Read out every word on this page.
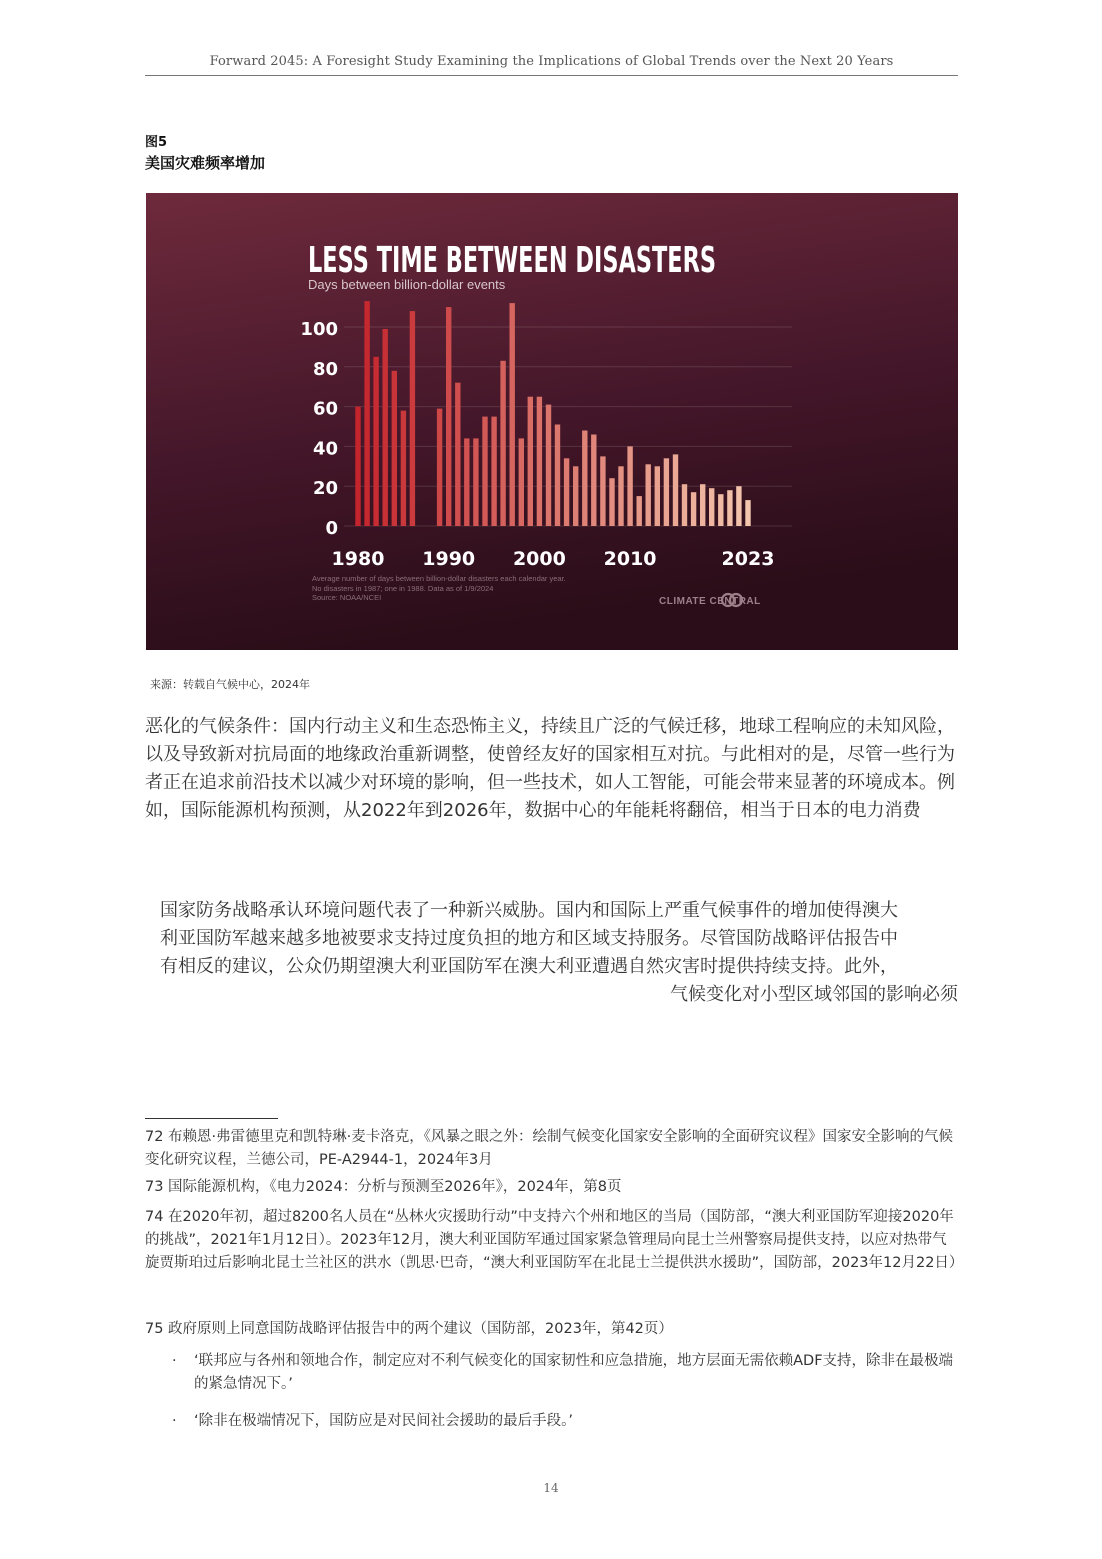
Forward 2045: A Foresight Study Examining the Implications of Global Trends over the Next 20 Years
图5
美国灾难频率增加
LESS TIME BETWEEN DISASTERS
Days between billion-dollar events
0
20
40
60
80
100
1980 1990 2000 2010	2023
Average number of days between billion-dollar disasters each calendar year.
No disasters in 1987; one in 1988. Data as of 1/9/2024
Source: NOAA/NCEI	CLIMATE CENTRAL
来源：转载自气候中心，2024年

恶化的气候条件：国内行动主义和生态恐怖主义，持续且广泛的气候迁移，地球工程响应的未知风险，以及导致新对抗局面的地缘政治重新调整，使曾经友好的国家相互对抗。与此相对的是，尽管一些行为者正在追求前沿技术以减少对环境的影响，但一些技术，如人工智能，可能会带来显著的环境成本。例如，国际能源机构预测，从2022年到2026年，数据中心的年能耗将翻倍，相当于日本的电力消费

国家防务战略承认环境问题代表了一种新兴威胁。国内和国际上严重气候事件的增加使得澳大
利亚国防军越来越多地被要求支持过度负担的地方和区域支持服务。尽管国防战略评估报告中
有相反的建议，公众仍期望澳大利亚国防军在澳大利亚遭遇自然灾害时提供持续支持。此外，
气候变化对小型区域邻国的影响必须

72 布赖恩·弗雷德里克和凯特琳·麦卡洛克，《风暴之眼之外：绘制气候变化国家安全影响的全面研究议程》国家安全影响的气候变化研究议程，兰德公司，PE-A2944-1，2024年3月

73 国际能源机构，《电力2024：分析与预测至2026年》，2024年，第8页

74 在2020年初，超过8200名人员在“丛林火灾援助行动”中支持六个州和地区的当局（国防部，“澳大利亚国防军迎接2020年的挑战”，2021年1月12日）。2023年12月，澳大利亚国防军通过国家紧急管理局向昆士兰州警察局提供支持，以应对热带气旋贾斯珀过后影响北昆士兰社区的洪水（凯思·巴奇，“澳大利亚国防军在北昆士兰提供洪水援助”，国防部，2023年12月22日）

75 政府原则上同意国防战略评估报告中的两个建议（国防部，2023年，第42页）

·	‘联邦应与各州和领地合作，制定应对不利气候变化的国家韧性和应急措施，地方层面无需依赖ADF支持，除非在最极端的紧急情况下。’
·	‘除非在极端情况下，国防应是对民间社会援助的最后手段。’
14
